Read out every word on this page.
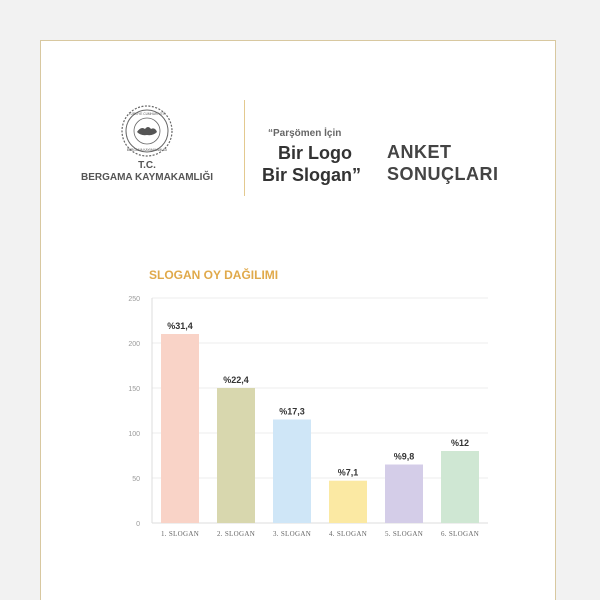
TÜRKİYE CUMHURİYETİ
BERGAMA KAYMAKAMLIĞI
T.C.
BERGAMA KAYMAKAMLIĞI
“Parşömen İçin
Bir Logo
Bir Slogan”
ANKET
SONUÇLARI
SLOGAN OY DAĞILIMI
0
50
100
150
200
250
%31,4
1. SLOGAN
%22,4
2. SLOGAN
%17,3
3. SLOGAN
%7,1
4. SLOGAN
%9,8
5. SLOGAN
%12
6. SLOGAN
